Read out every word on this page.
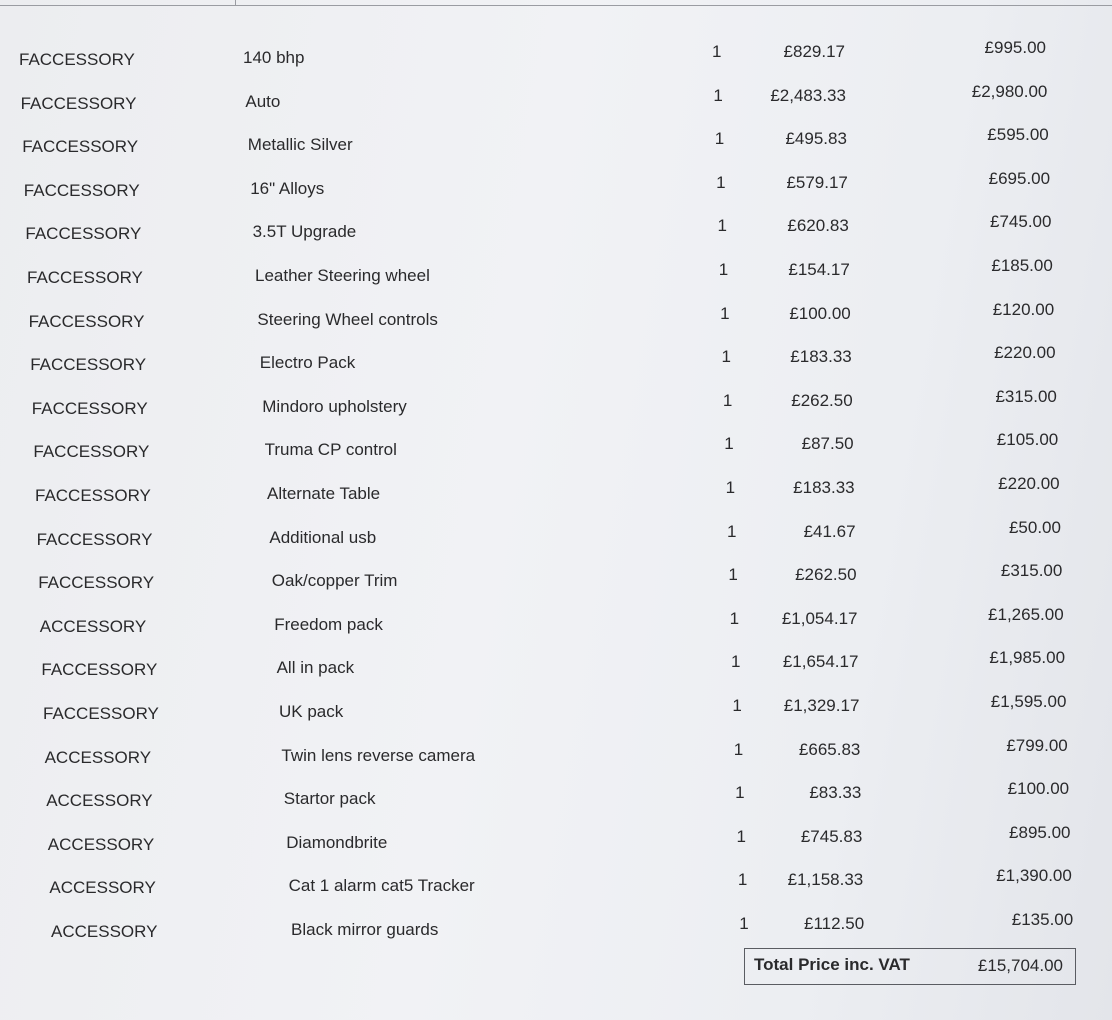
FACCESSORY	140 bhp	1	£829.17	£995.00
FACCESSORY	Auto	1	£2,483.33	£2,980.00
FACCESSORY	Metallic Silver	1	£495.83	£595.00
FACCESSORY	16" Alloys	1	£579.17	£695.00
FACCESSORY	3.5T Upgrade	1	£620.83	£745.00
FACCESSORY	Leather Steering wheel	1	£154.17	£185.00
FACCESSORY	Steering Wheel controls	1	£100.00	£120.00
FACCESSORY	Electro Pack	1	£183.33	£220.00
FACCESSORY	Mindoro upholstery	1	£262.50	£315.00
FACCESSORY	Truma CP control	1	£87.50	£105.00
FACCESSORY	Alternate Table	1	£183.33	£220.00
FACCESSORY	Additional usb	1	£41.67	£50.00
FACCESSORY	Oak/copper Trim	1	£262.50	£315.00
ACCESSORY	Freedom pack	1	£1,054.17	£1,265.00
FACCESSORY	All in pack	1 £1,654.17	£1,985.00
FACCESSORY	UK pack	1 £1,329.17	£1,595.00
ACCESSORY	Twin lens reverse camera	1	£665.83	£799.00
ACCESSORY	Startor pack	1	£83.33	£100.00
ACCESSORY	Diamondbrite	1	£745.83	£895.00
ACCESSORY	Cat 1 alarm cat5 Tracker	1 £1,158.33	£1,390.00
ACCESSORY	Black mirror guards	1	£112.50	£135.00
Total Price inc. VAT	£15,704.00
